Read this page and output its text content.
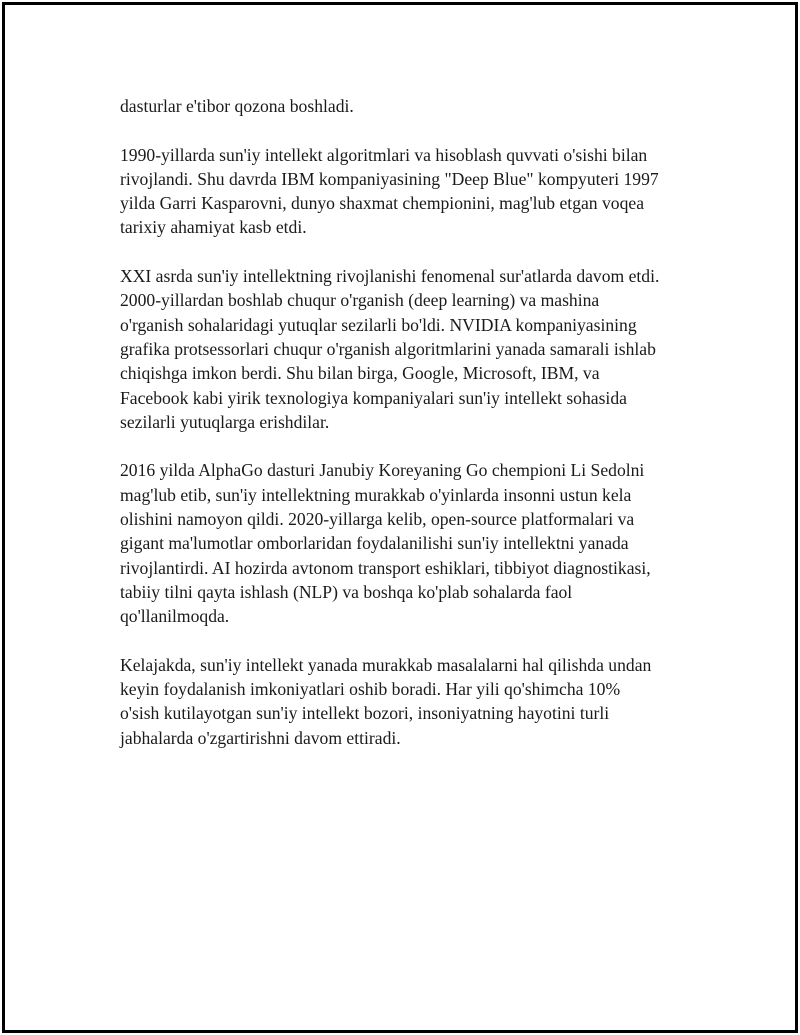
dasturlar e'tibor qozona boshladi.

1990-yillarda sun'iy intellekt algoritmlari va hisoblash quvvati o'sishi bilan
rivojlandi. Shu davrda IBM kompaniyasining "Deep Blue" kompyuteri 1997
yilda Garri Kasparovni, dunyo shaxmat chempionini, mag'lub etgan voqea
tarixiy ahamiyat kasb etdi.

XXI asrda sun'iy intellektning rivojlanishi fenomenal sur'atlarda davom etdi.
2000-yillardan boshlab chuqur o'rganish (deep learning) va mashina
o'rganish sohalaridagi yutuqlar sezilarli bo'ldi. NVIDIA kompaniyasining
grafika protsessorlari chuqur o'rganish algoritmlarini yanada samarali ishlab
chiqishga imkon berdi. Shu bilan birga, Google, Microsoft, IBM, va
Facebook kabi yirik texnologiya kompaniyalari sun'iy intellekt sohasida
sezilarli yutuqlarga erishdilar.

2016 yilda AlphaGo dasturi Janubiy Koreyaning Go chempioni Li Sedolni
mag'lub etib, sun'iy intellektning murakkab o'yinlarda insonni ustun kela
olishini namoyon qildi. 2020-yillarga kelib, open-source platformalari va
gigant ma'lumotlar omborlaridan foydalanilishi sun'iy intellektni yanada
rivojlantirdi. AI hozirda avtonom transport eshiklari, tibbiyot diagnostikasi,
tabiiy tilni qayta ishlash (NLP) va boshqa ko'plab sohalarda faol
qo'llanilmoqda.

Kelajakda, sun'iy intellekt yanada murakkab masalalarni hal qilishda undan
keyin foydalanish imkoniyatlari oshib boradi. Har yili qo'shimcha 10%
o'sish kutilayotgan sun'iy intellekt bozori, insoniyatning hayotini turli
jabhalarda o'zgartirishni davom ettiradi.
